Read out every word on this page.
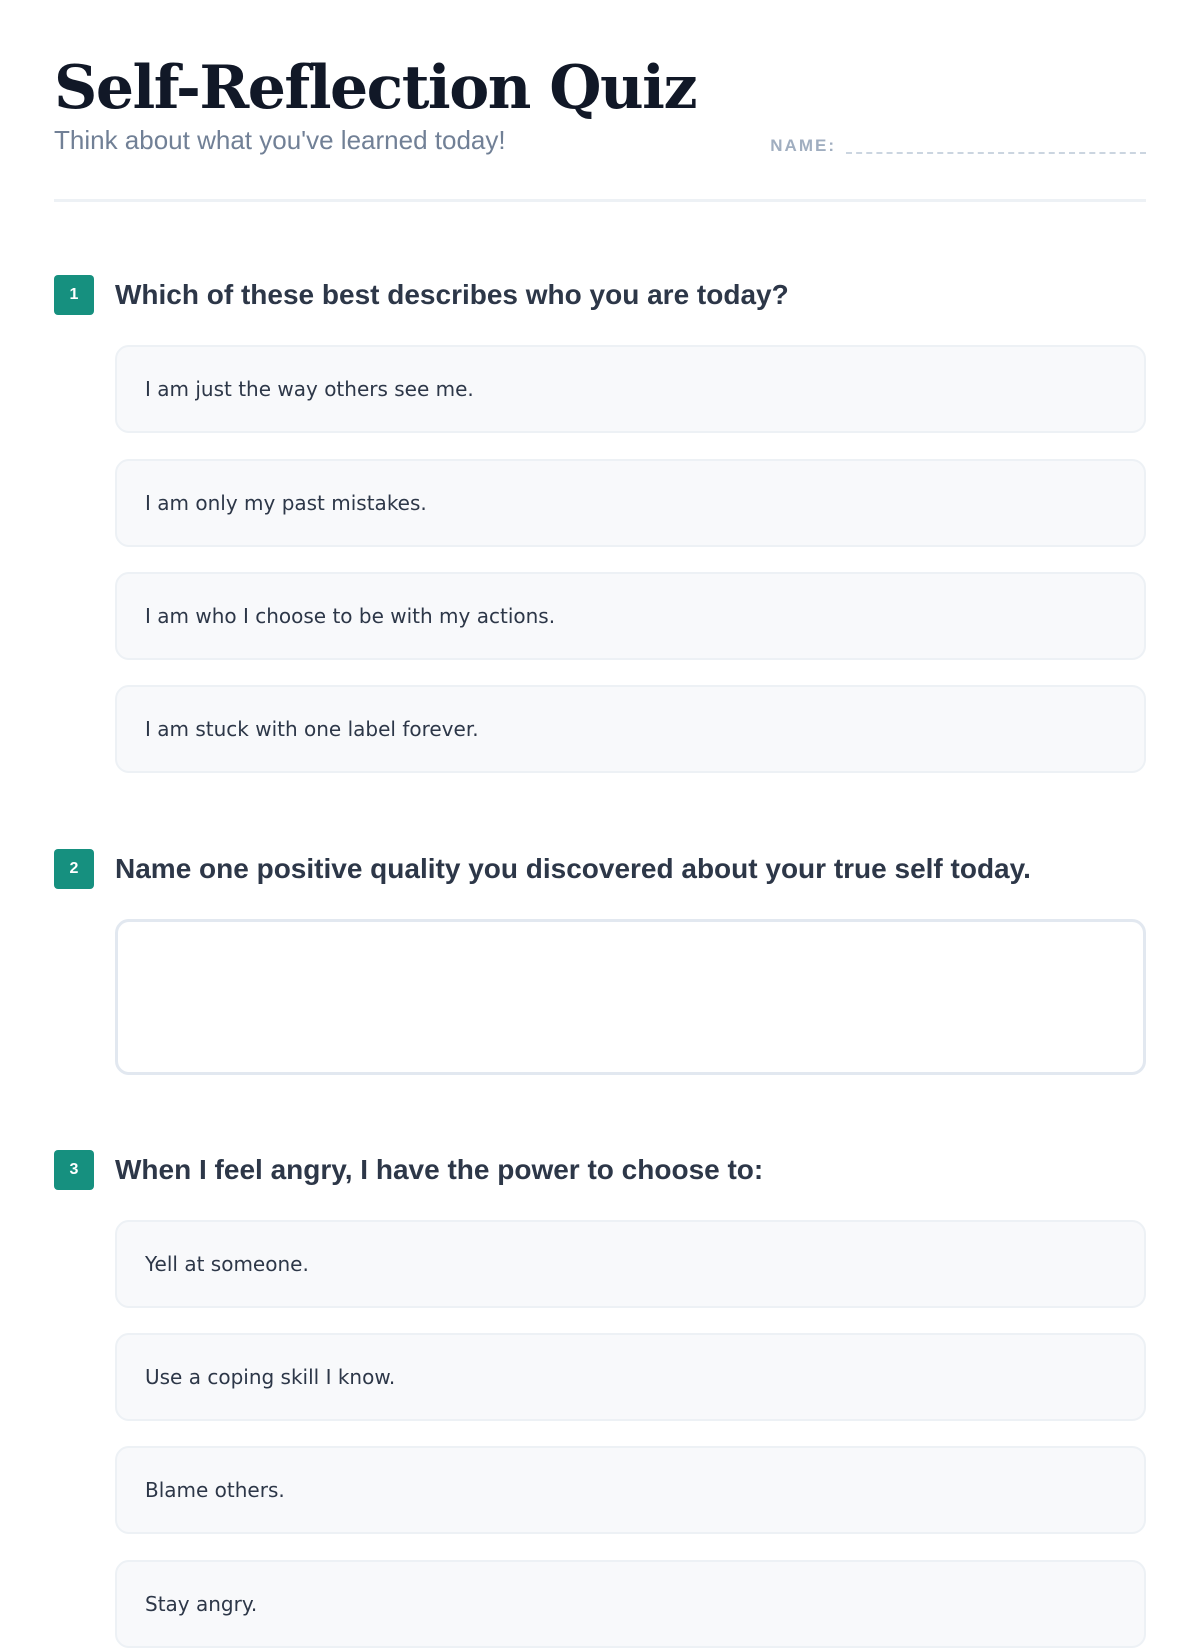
Self-Reflection Quiz
Think about what you've learned today!	NAME:
1	Which of these best describes who you are today?
I am just the way others see me.
I am only my past mistakes.
I am who I choose to be with my actions.
I am stuck with one label forever.
2	Name one positive quality you discovered about your true self today.
3	When I feel angry, I have the power to choose to:
Yell at someone.
Use a coping skill I know.
Blame others.
Stay angry.
